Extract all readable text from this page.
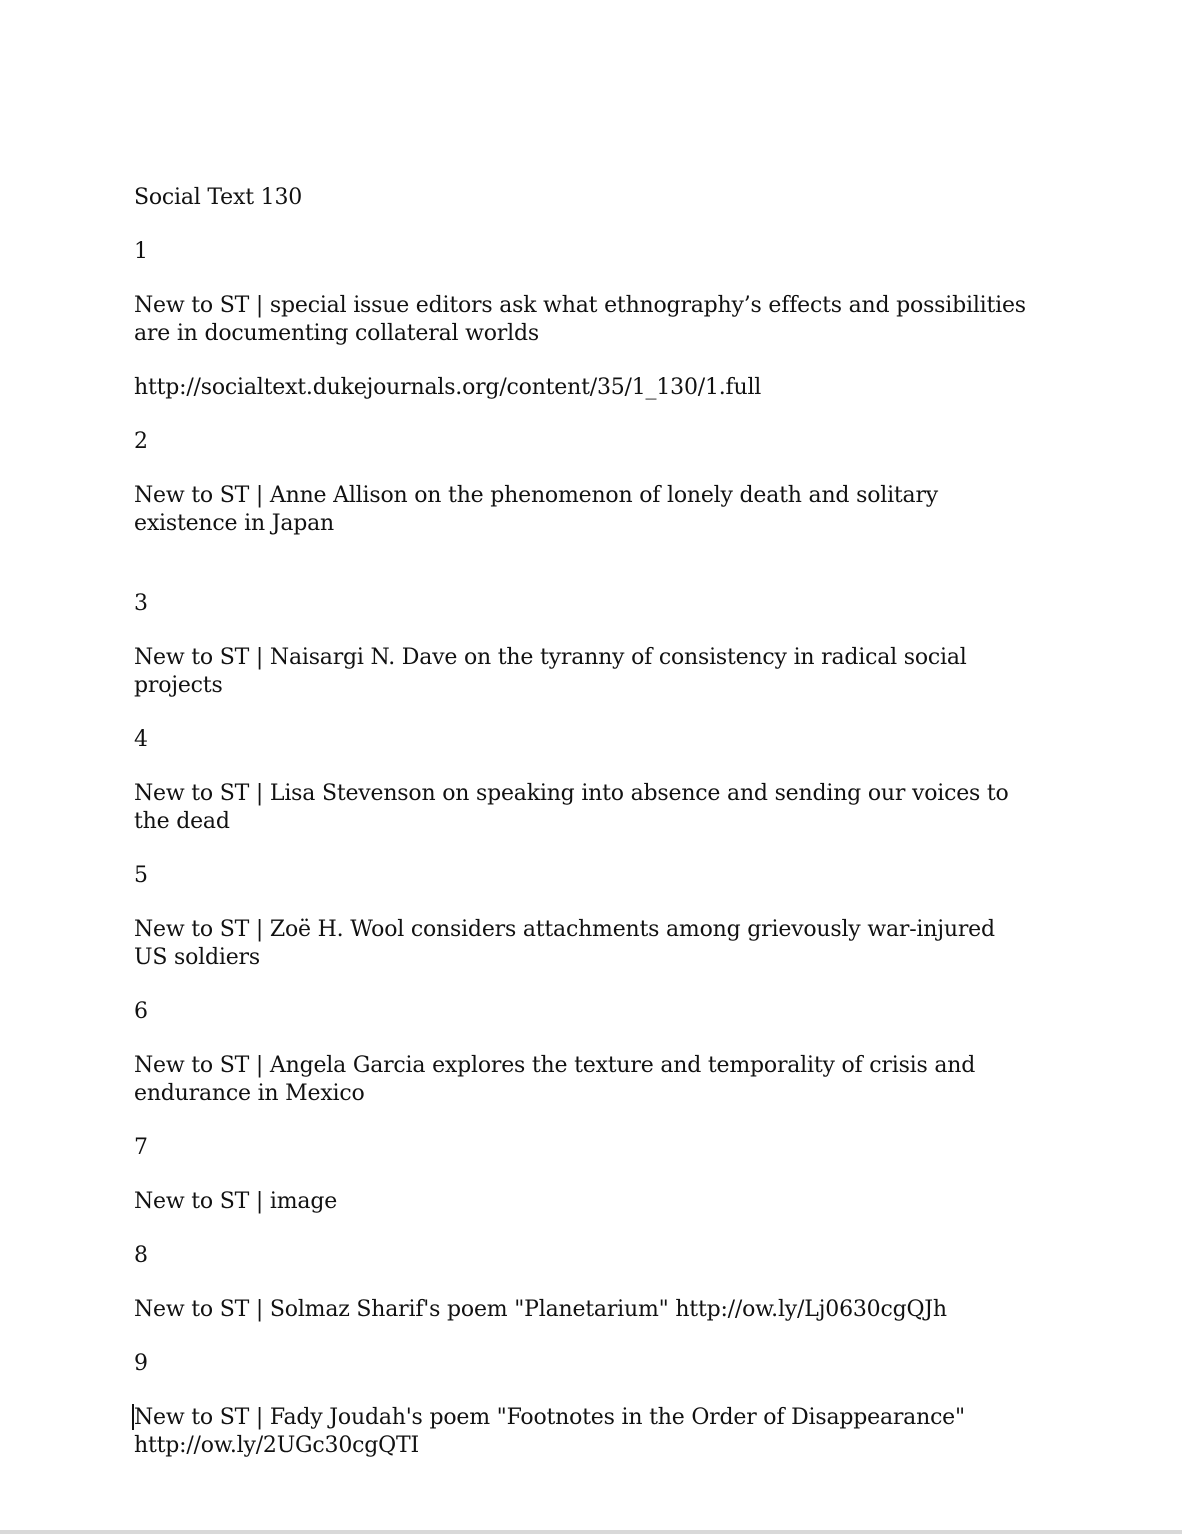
Social Text 130

1

New to ST | special issue editors ask what ethnography’s effects and possibilities are in documenting collateral worlds

http://socialtext.dukejournals.org/content/35/1_130/1.full

2

New to ST | Anne Allison on the phenomenon of lonely death and solitary existence in Japan

3

New to ST | Naisargi N. Dave on the tyranny of consistency in radical social projects

4

New to ST | Lisa Stevenson on speaking into absence and sending our voices to the dead

5

New to ST | Zoë H. Wool considers attachments among grievously war-injured US soldiers

6

New to ST | Angela Garcia explores the texture and temporality of crisis and endurance in Mexico

7

New to ST | image

8

New to ST | Solmaz Sharif's poem "Planetarium" http://ow.ly/Lj0630cgQJh

9

New to ST | Fady Joudah's poem "Footnotes in the Order of Disappearance" http://ow.ly/2UGc30cgQTI
